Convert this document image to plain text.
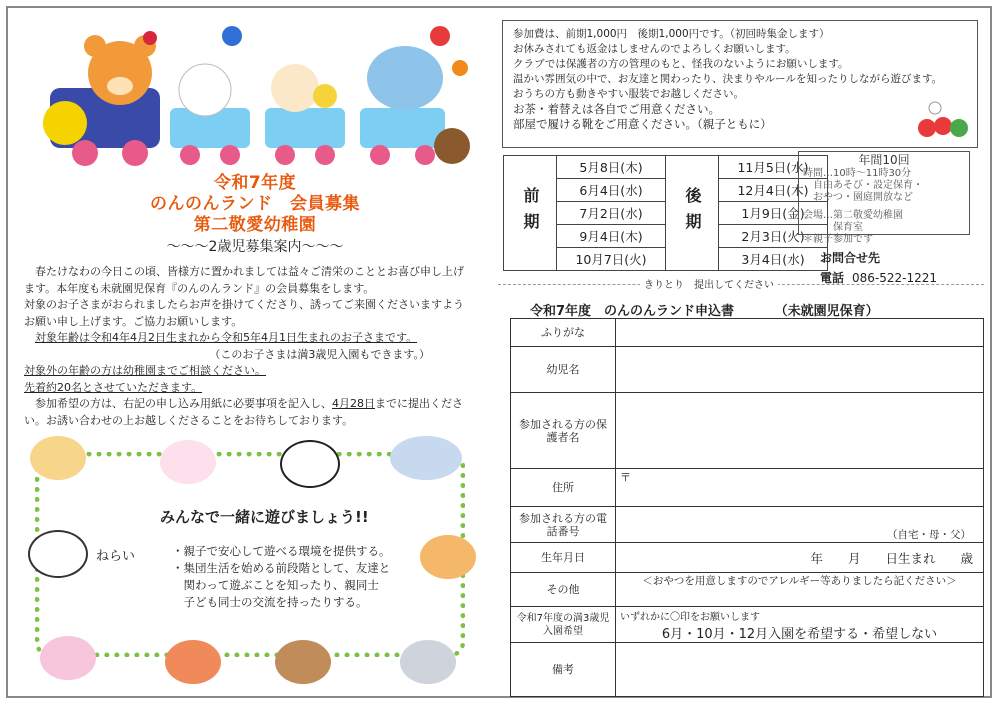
令和7年度
のんのんランド　会員募集
第二敬愛幼稚園
～～～2歳児募集案内～～～

春たけなわの今日この頃、皆様方に置かれましては益々ご清栄のこととお喜び申し上げます。本年度も未就園児保育『のんのんランド』の会員募集をします。

対象のお子さまがおられましたらお声を掛けてくださり、誘ってご来園くださいますようお願い申し上げます。ご協力お願いします。

対象年齢は令和4年4月2日生まれから令和5年4月1日生まれのお子さまです。

（このお子さまは満3歳児入園もできます。）

対象外の年齢の方は幼稚園までご相談ください。

先着約20名とさせていただきます。

参加希望の方は、右記の申し込み用紙に必要事項を記入し、4月28日までに提出ください。お誘い合わせの上お越しくださることをお待ちしております。

みんなで一緒に遊びましょう!!
ねらい	・親子で安心して遊べる環境を提供する。
・集団生活を始める前段階として、友達と
　関わって遊ぶことを知ったり、親同士
　子ども同士の交流を持ったりする。
参加費は、前期1,000円　後期1,000円です。（初回時集金します）
お休みされても返金はしませんのでよろしくお願いします。
クラブでは保護者の方の管理のもと、怪我のないようにお願いします。
温かい雰囲気の中で、お友達と関わったり、決まりやルールを知ったりしながら遊びます。
おうちの方も動きやすい服装でお越しください。
お茶・着替えは各自でご用意ください。
部屋で履ける靴をご用意ください。（親子ともに）
前期	5月8日(木)	後期	11月5日(水)
	6月4日(水)		12月4日(木)
	7月2日(水)		1月9日(金)
	9月4日(木)		2月3日(火)
	10月7日(火)		3月4日(水)
年間10回
時間…10時～11時30分
　自由あそび・設定保育・
　おやつ・園庭開放など
会場…第二敬愛幼稚園
　　　保育室
＊親子参加です
お問合せ先
電話 086-522-1221
きりとり　提出してください
令和7年度　のんのんランド申込書	（未就園児保育）
ふりがな	
幼児名	
参加される方の保護者名	
住所	〒
参加される方の電話番号	（自宅・母・父）
生年月日	年　　月　　日生まれ　　歳
その他	＜おやつを用意しますのでアレルギー等ありましたら記ください＞
令和7年度の満3歳児入園希望	いずれかに〇印をお願いします
6月・10月・12月入園を希望する・希望しない

備考	
